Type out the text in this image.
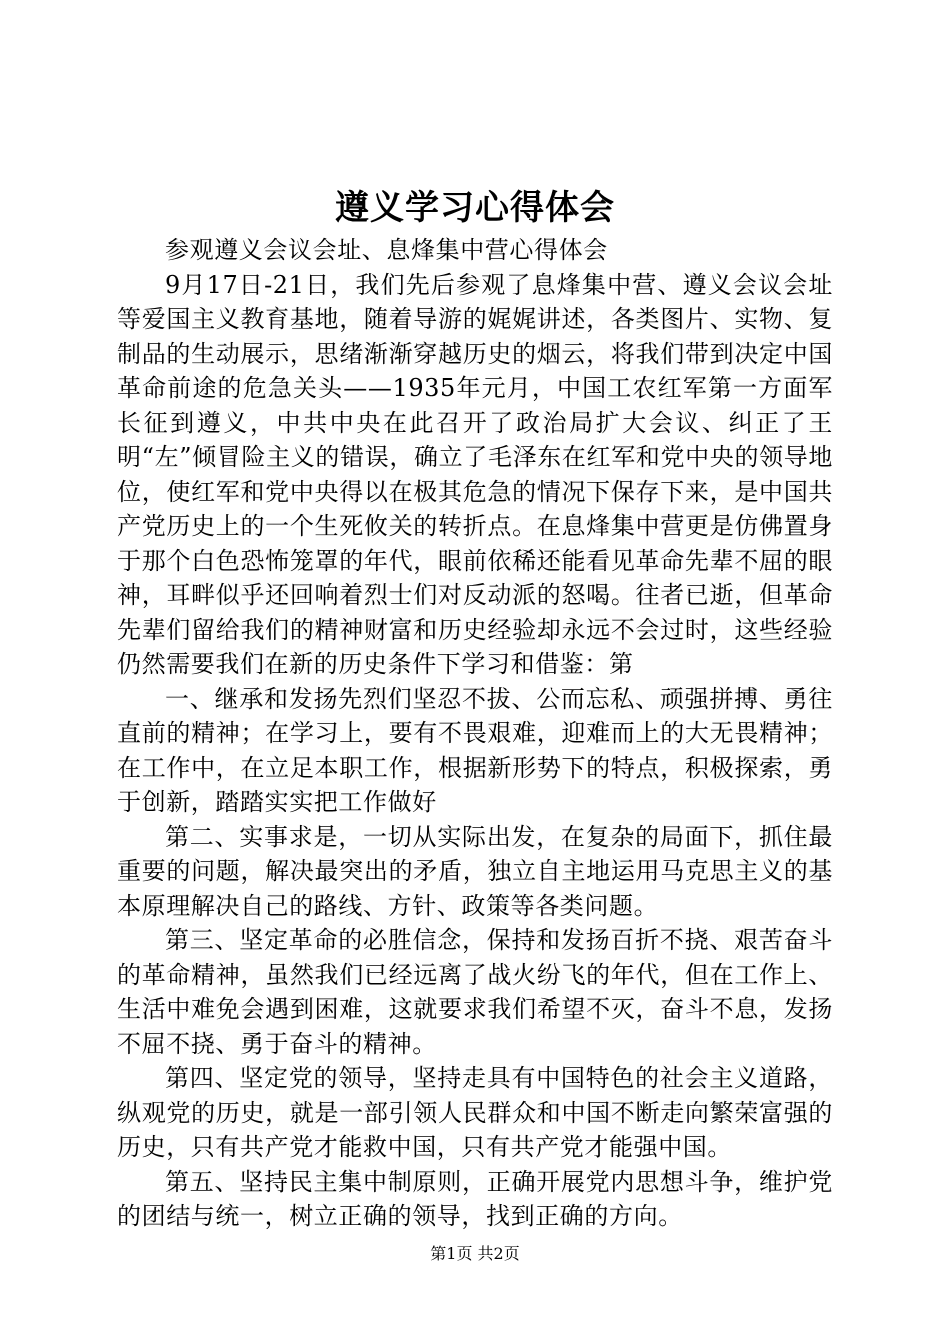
遵义学习心得体会

参观遵义会议会址、息烽集中营心得体会

9月17日-21日，我们先后参观了息烽集中营、遵义会议会址等爱国主义教育基地，随着导游的娓娓讲述，各类图片、实物、复制品的生动展示，思绪渐渐穿越历史的烟云，将我们带到决定中国革命前途的危急关头——1935年元月，中国工农红军第一方面军长征到遵义，中共中央在此召开了政治局扩大会议、纠正了王明“左”倾冒险主义的错误，确立了毛泽东在红军和党中央的领导地位，使红军和党中央得以在极其危急的情况下保存下来，是中国共产党历史上的一个生死攸关的转折点。在息烽集中营更是仿佛置身于那个白色恐怖笼罩的年代，眼前依稀还能看见革命先辈不屈的眼神，耳畔似乎还回响着烈士们对反动派的怒喝。往者已逝，但革命先辈们留给我们的精神财富和历史经验却永远不会过时，这些经验仍然需要我们在新的历史条件下学习和借鉴：第

一、继承和发扬先烈们坚忍不拔、公而忘私、顽强拼搏、勇往直前的精神；在学习上，要有不畏艰难，迎难而上的大无畏精神；在工作中，在立足本职工作，根据新形势下的特点，积极探索，勇于创新，踏踏实实把工作做好

第二、实事求是，一切从实际出发，在复杂的局面下，抓住最重要的问题，解决最突出的矛盾，独立自主地运用马克思主义的基本原理解决自己的路线、方针、政策等各类问题。

第三、坚定革命的必胜信念，保持和发扬百折不挠、艰苦奋斗的革命精神，虽然我们已经远离了战火纷飞的年代，但在工作上、生活中难免会遇到困难，这就要求我们希望不灭，奋斗不息，发扬不屈不挠、勇于奋斗的精神。

第四、坚定党的领导，坚持走具有中国特色的社会主义道路，纵观党的历史，就是一部引领人民群众和中国不断走向繁荣富强的历史，只有共产党才能救中国，只有共产党才能强中国。

第五、坚持民主集中制原则，正确开展党内思想斗争，维护党的团结与统一，树立正确的领导，找到正确的方向。

第1页 共2页
